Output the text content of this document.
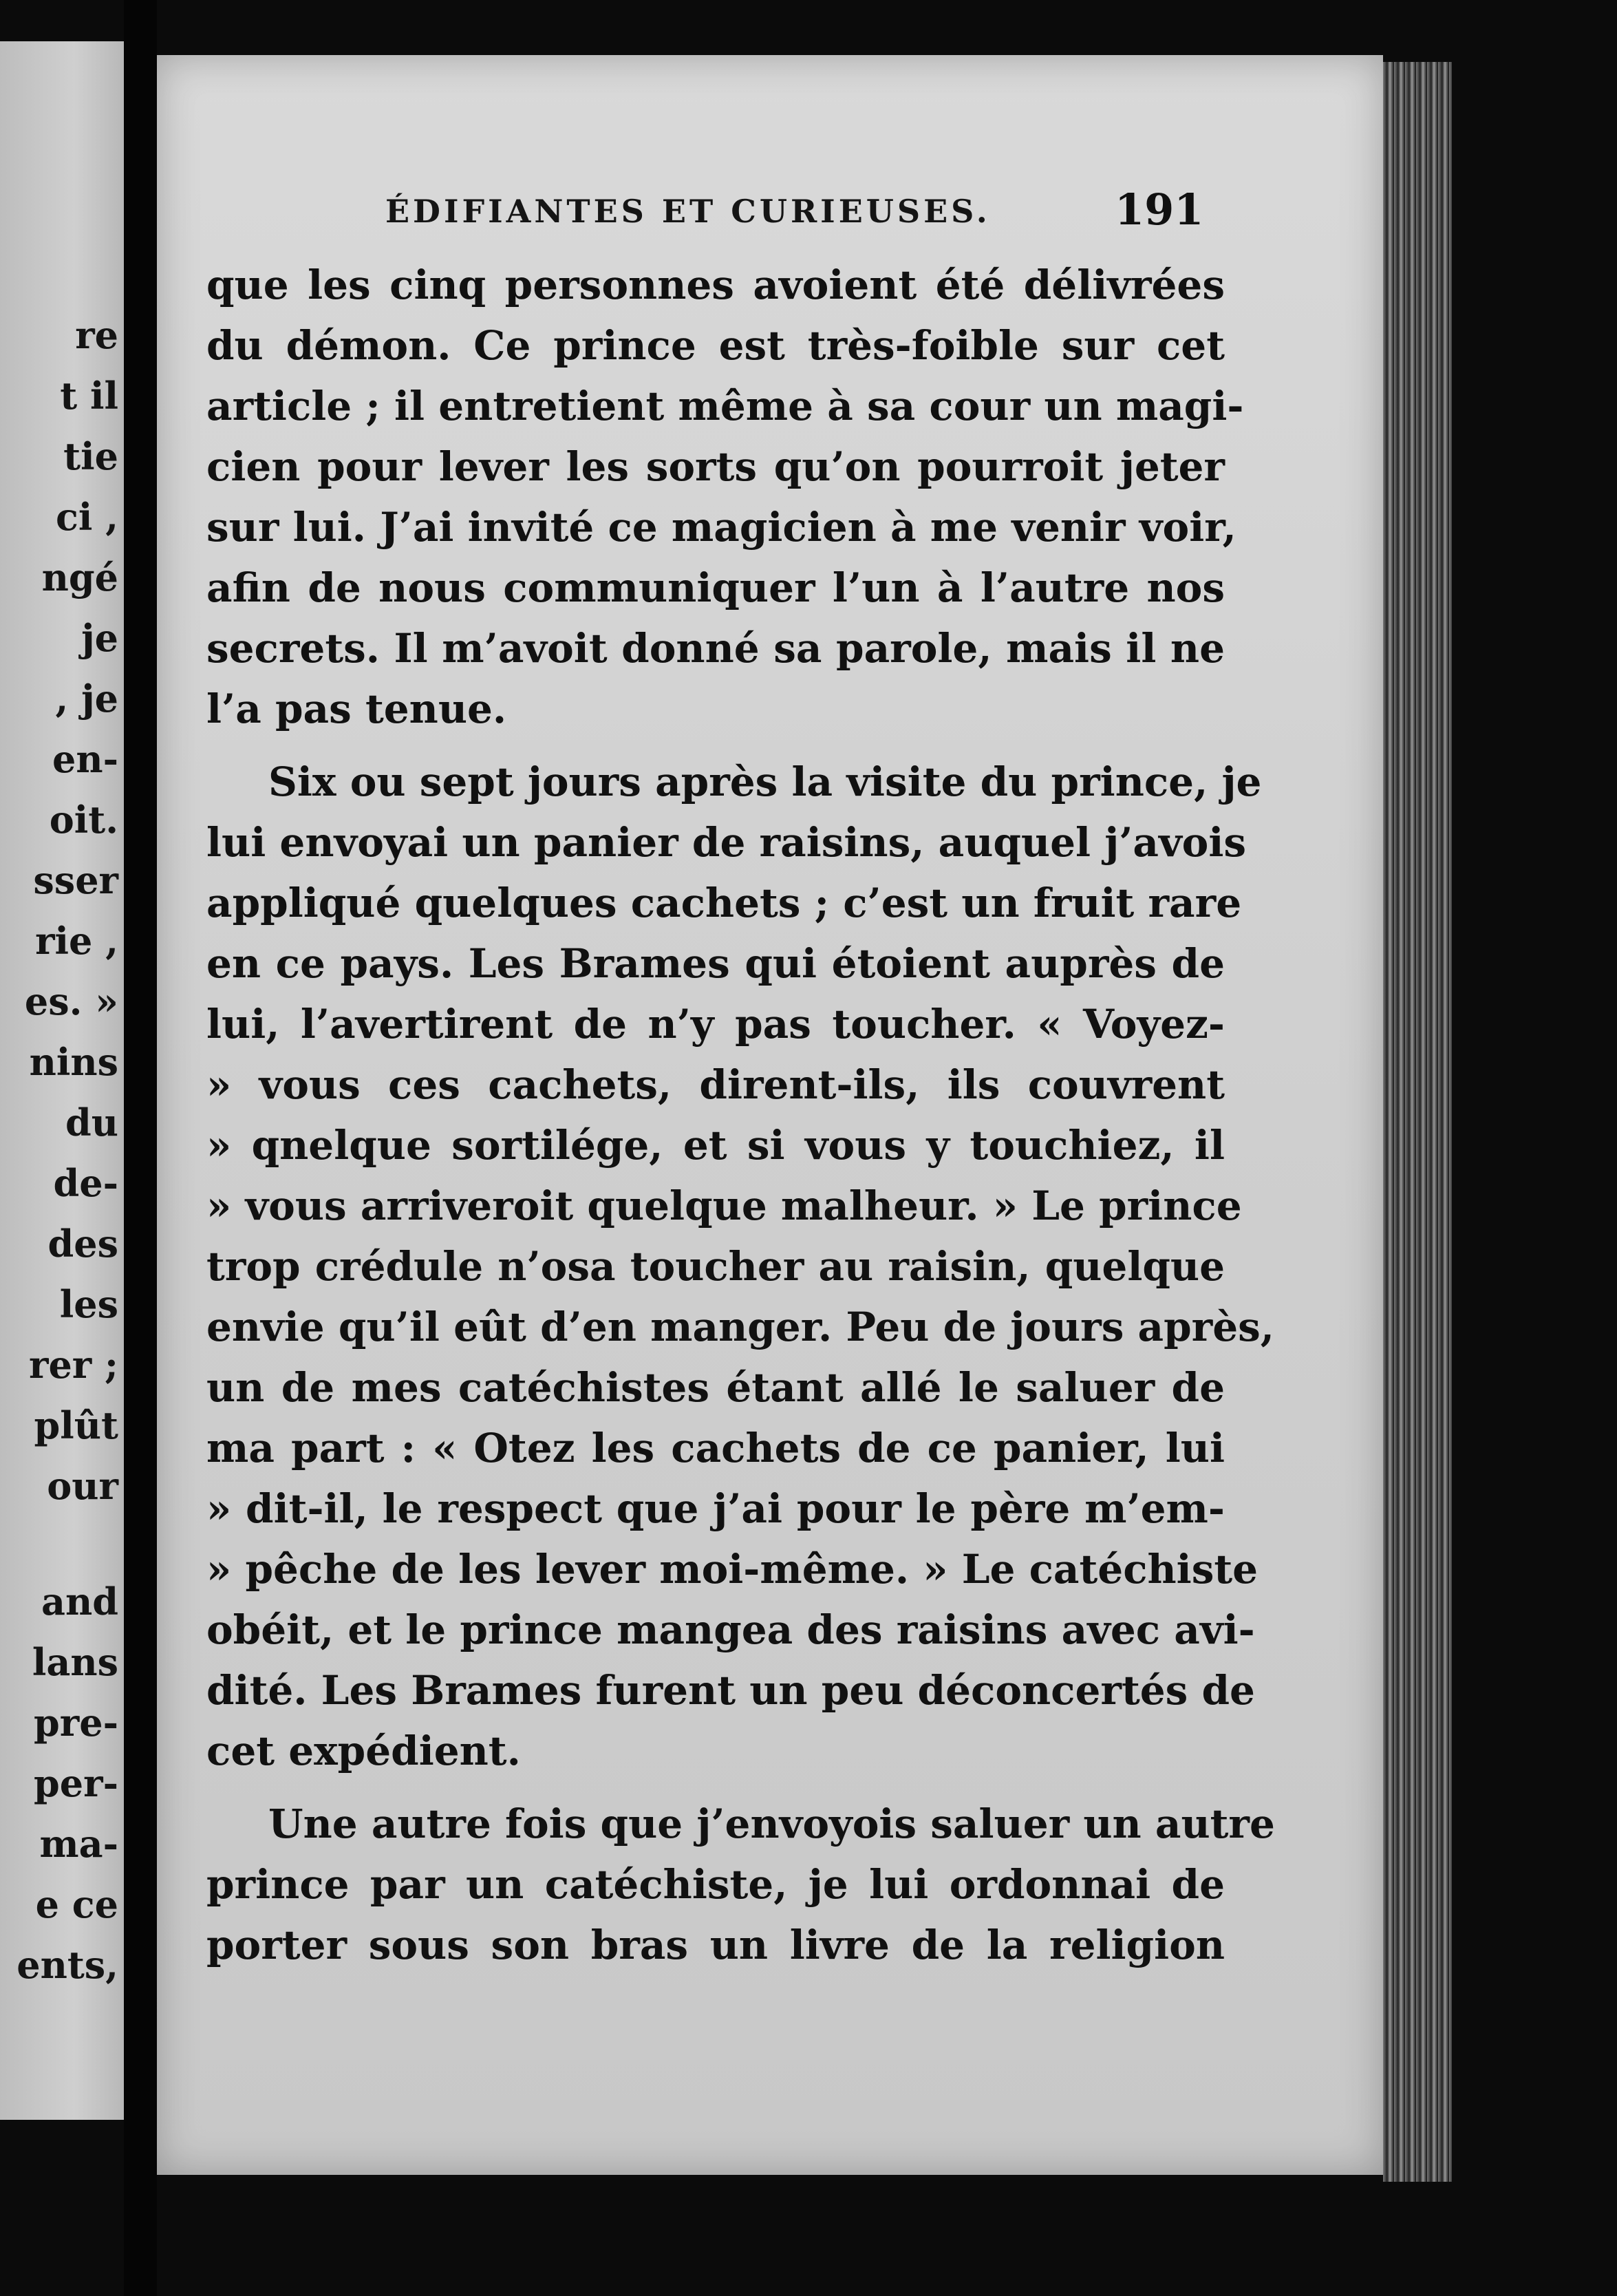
re
t il
tie
ci ,
ngé
je
, je
en-
oit.
sser
rie ,
es. »
nins
du
de-
des
les
rer ;
plût
our
and
lans
pre-
per-
ma-
e ce
ents,
ÉDIFIANTES ET CURIEUSES.	191
que les cinq personnes avoient été délivrées
du démon. Ce prince est très-foible sur cet
article ; il entretient même à sa cour un magi-
cien pour lever les sorts qu’on pourroit jeter
sur lui. J’ai invité ce magicien à me venir voir,
afin de nous communiquer l’un à l’autre nos
secrets. Il m’avoit donné sa parole, mais il ne
l’a pas tenue.
Six ou sept jours après la visite du prince, je
lui envoyai un panier de raisins, auquel j’avois
appliqué quelques cachets ; c’est un fruit rare
en ce pays. Les Brames qui étoient auprès de
lui, l’avertirent de n’y pas toucher. « Voyez-
» vous ces cachets, dirent-ils, ils couvrent
» qnelque sortilége, et si vous y touchiez, il
» vous arriveroit quelque malheur. » Le prince
trop crédule n’osa toucher au raisin, quelque
envie qu’il eût d’en manger. Peu de jours après,
un de mes catéchistes étant allé le saluer de
ma part : « Otez les cachets de ce panier, lui
» dit-il, le respect que j’ai pour le père m’em-
» pêche de les lever moi-même. » Le catéchiste
obéit, et le prince mangea des raisins avec avi-
dité. Les Brames furent un peu déconcertés de
cet expédient.
Une autre fois que j’envoyois saluer un autre
prince par un catéchiste, je lui ordonnai de
porter sous son bras un livre de la religion
